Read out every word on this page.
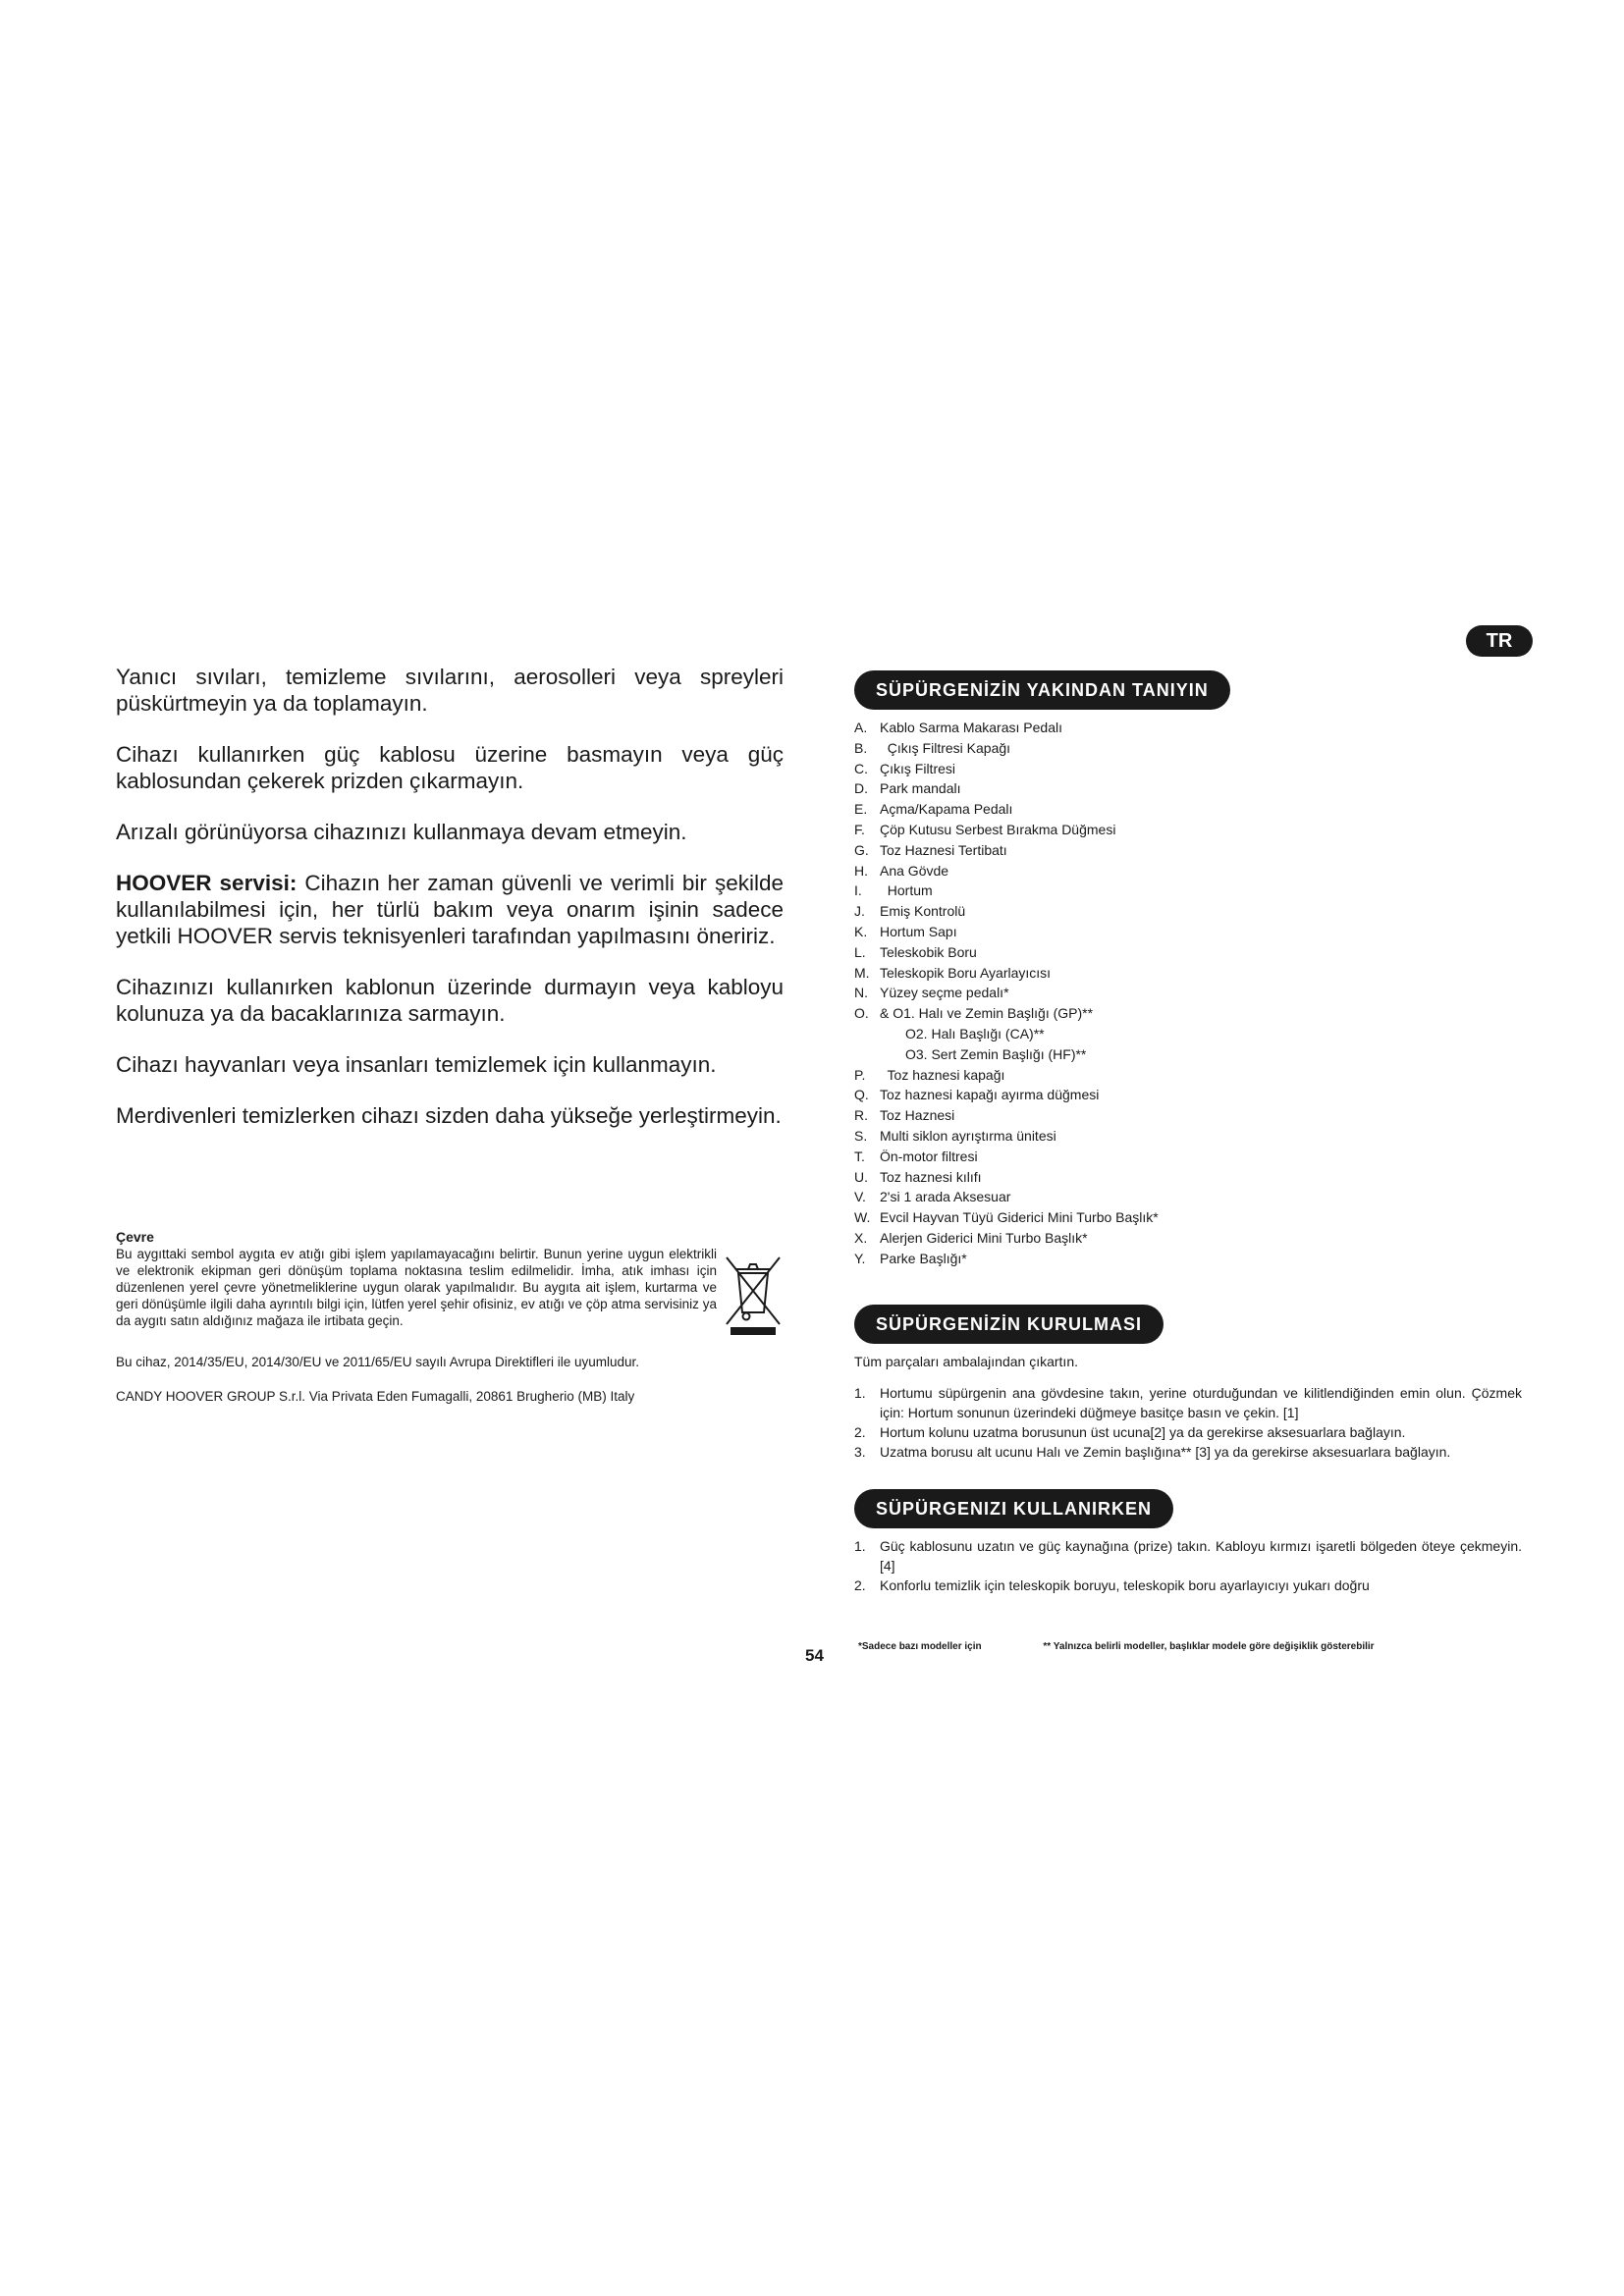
TR

Yanıcı sıvıları, temizleme sıvılarını, aerosolleri veya spreyleri püskürtmeyin ya da toplamayın.

Cihazı kullanırken güç kablosu üzerine basmayın veya güç kablosundan çekerek prizden çıkarmayın.

Arızalı görünüyorsa cihazınızı kullanmaya devam etmeyin.

HOOVER servisi: Cihazın her zaman güvenli ve verimli bir şekilde kullanılabilmesi için, her türlü bakım veya onarım işinin sadece yetkili HOOVER servis teknisyenleri tarafından yapılmasını öneririz.

Cihazınızı kullanırken kablonun üzerinde durmayın veya kabloyu kolunuza ya da bacaklarınıza sarmayın.

Cihazı hayvanları veya insanları temizlemek için kullanmayın.

Merdivenleri temizlerken cihazı sizden daha yükseğe yerleştirmeyin.

Çevre

Bu aygıttaki sembol aygıta ev atığı gibi işlem yapılamayacağını belirtir. Bunun yerine uygun elektrikli ve elektronik ekipman geri dönüşüm toplama noktasına teslim edilmelidir. İmha, atık imhası için düzenlenen yerel çevre yönetmeliklerine uygun olarak yapılmalıdır. Bu aygıta ait işlem, kurtarma ve geri dönüşümle ilgili daha ayrıntılı bilgi için, lütfen yerel şehir ofisiniz, ev atığı ve çöp atma servisiniz ya da aygıtı satın aldığınız mağaza ile irtibata geçin.

Bu cihaz, 2014/35/EU, 2014/30/EU ve 2011/65/EU sayılı Avrupa Direktifleri ile uyumludur.

CANDY HOOVER GROUP S.r.l. Via Privata Eden Fumagalli, 20861 Brugherio (MB) Italy

SÜPÜRGENİZİN YAKINDAN TANIYIN
A. Kablo Sarma Makarası Pedalı
B. Çıkış Filtresi Kapağı
C. Çıkış Filtresi
D. Park mandalı
E. Açma/Kapama Pedalı
F.	Çöp Kutusu Serbest Bırakma Düğmesi
G. Toz Haznesi Tertibatı
H. Ana Gövde
I.	Hortum
J.	Emiş Kontrolü
K. Hortum Sapı
L.	Teleskobik Boru
M. Teleskopik Boru Ayarlayıcısı
N. Yüzey seçme pedalı*
O. & O1. Halı ve Zemin Başlığı (GP)**
O2. Halı Başlığı (CA)**
O3. Sert Zemin Başlığı (HF)**
P.	Toz haznesi kapağı
Q. Toz haznesi kapağı ayırma düğmesi
R. Toz Haznesi
S. Multi siklon ayrıştırma ünitesi
T.	Ön-motor filtresi
U. Toz haznesi kılıfı
V.	2'si 1 arada Aksesuar
W. Evcil Hayvan Tüyü Giderici Mini Turbo Başlık*
X. Alerjen Giderici Mini Turbo Başlık*
Y.	Parke Başlığı*
SÜPÜRGENİZİN KURULMASI

Tüm parçaları ambalajından çıkartın.

1.	Hortumu süpürgenin ana gövdesine takın, yerine oturduğundan ve kilitlendiğinden emin olun. Çözmek için: Hortum sonunun üzerindeki düğmeye basitçe basın ve çekin. [1]
2.	Hortum kolunu uzatma borusunun üst ucuna[2] ya da gerekirse aksesuarlara bağlayın.
3.	Uzatma borusu alt ucunu Halı ve Zemin başlığına** [3] ya da gerekirse aksesuarlara bağlayın.
SÜPÜRGENIZI KULLANIRKEN
1.	Güç kablosunu uzatın ve güç kaynağına (prize) takın. Kabloyu kırmızı işaretli bölgeden öteye çekmeyin. [4]
2.	Konforlu temizlik için teleskopik boruyu, teleskopik boru ayarlayıcıyı yukarı doğru
54	*Sadece bazı modeller için	** Yalnızca belirli modeller, başlıklar modele göre değişiklik gösterebilir
